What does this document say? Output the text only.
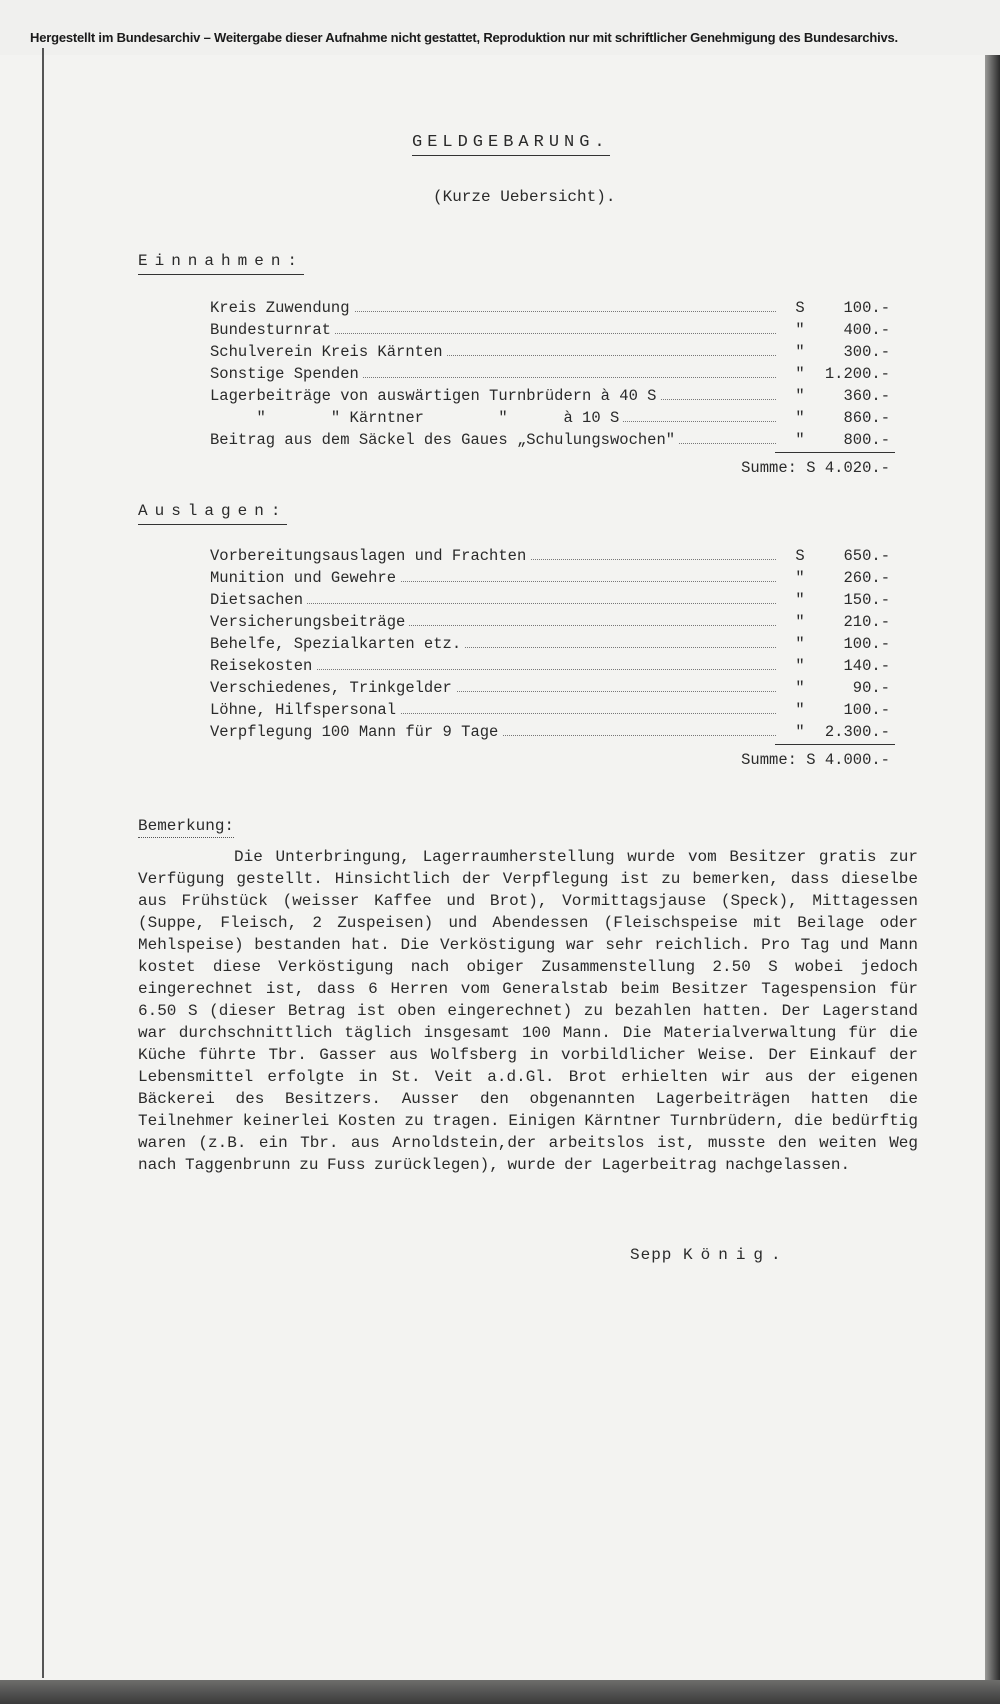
Hergestellt im Bundesarchiv – Weitergabe dieser Aufnahme nicht gestattet, Reproduktion nur mit schriftlicher Genehmigung des Bundesarchivs.
GELDGEBARUNG.
(Kurze Uebersicht).
Einnahmen:
Kreis Zuwendung	S	100.-
Bundesturnrat	"	400.-
Schulverein Kreis Kärnten	"	300.-
Sonstige Spenden	"	1.200.-
Lagerbeiträge von auswärtigen Turnbrüdern à 40 S	"	360.-
"       " Kärntner        "      à 10 S	"	860.-
Beitrag aus dem Säckel des Gaues „Schulungswochen"	"	800.-
Summe: S 4.020.-
Auslagen:
Vorbereitungsauslagen und Frachten	S	650.-
Munition und Gewehre	"	260.-
Dietsachen	"	150.-
Versicherungsbeiträge	"	210.-
Behelfe, Spezialkarten etz.	"	100.-
Reisekosten	"	140.-
Verschiedenes, Trinkgelder	"	90.-
Löhne, Hilfspersonal	"	100.-
Verpflegung 100 Mann für 9 Tage	"	2.300.-
Summe: S 4.000.-
Bemerkung:
Die Unterbringung, Lagerraumherstellung wurde vom Besitzer gratis zur Verfügung gestellt. Hinsichtlich der Verpflegung ist zu bemerken, dass dieselbe aus Frühstück (weisser Kaffee und Brot), Vormittagsjause (Speck), Mittagessen (Suppe, Fleisch, 2 Zuspeisen) und Abendessen (Fleischspeise mit Beilage oder Mehlspeise) bestanden hat. Die Verköstigung war sehr reichlich. Pro Tag und Mann kostet diese Verköstigung nach obiger Zusammenstellung 2.50 S wobei jedoch eingerechnet ist, dass 6 Herren vom Generalstab beim Besitzer Tagespension für 6.50 S (dieser Betrag ist oben eingerechnet) zu bezahlen hatten. Der Lagerstand war durchschnittlich täglich insgesamt 100 Mann. Die Materialverwaltung für die Küche führte Tbr. Gasser aus Wolfsberg in vorbildlicher Weise. Der Einkauf der Lebensmittel erfolgte in St. Veit a.d.Gl. Brot erhielten wir aus der eigenen Bäckerei des Besitzers. Ausser den obgenannten Lagerbeiträgen hatten die Teilnehmer keinerlei Kosten zu tragen. Einigen Kärntner Turnbrüdern, die bedürftig waren (z.B. ein Tbr. aus Arnoldstein,der arbeitslos ist, musste den weiten Weg nach Taggenbrunn zu Fuss zurücklegen), wurde der Lagerbeitrag nachgelassen.
Sepp König.
